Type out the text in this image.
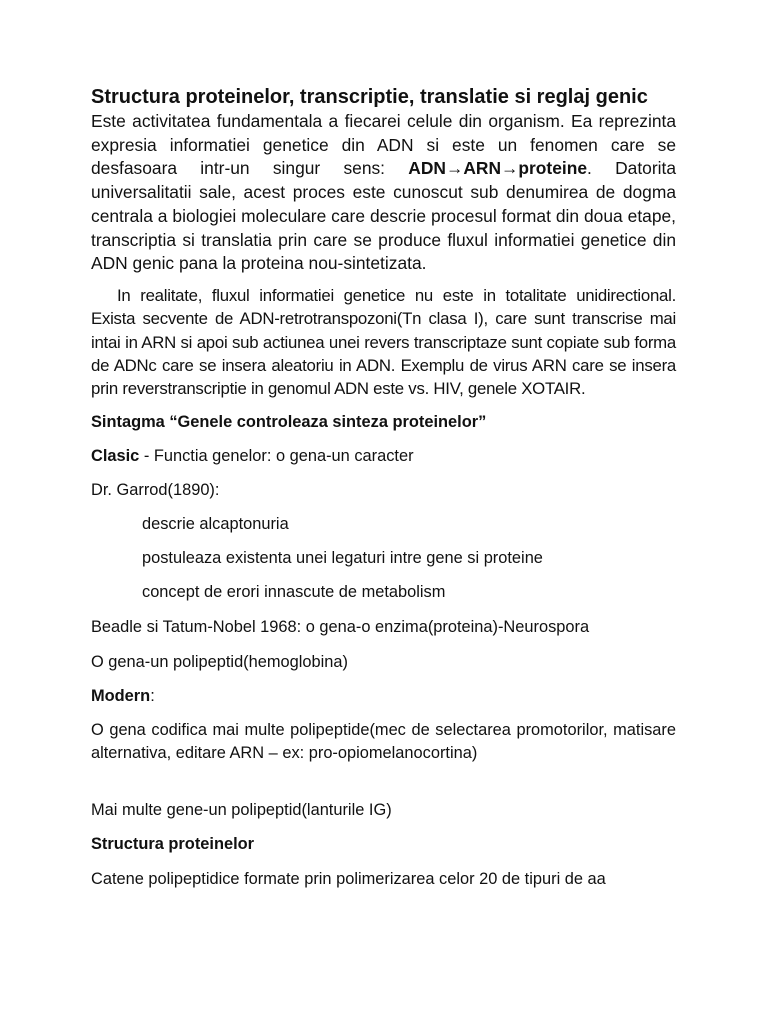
Structura proteinelor, transcriptie, translatie si reglaj genic

Este activitatea fundamentala a fiecarei celule din organism. Ea reprezinta expresia informatiei genetice din ADN si este un fenomen care se desfasoara intr-un singur sens: ADN→ARN→proteine. Datorita universalitatii sale, acest proces este cunoscut sub denumirea de dogma centrala a biologiei moleculare care descrie procesul format din doua etape, transcriptia si translatia prin care se produce fluxul informatiei genetice din ADN genic pana la proteina nou-sintetizata.

In realitate, fluxul informatiei genetice nu este in totalitate unidirectional. Exista secvente de ADN-retrotranspozoni(Tn clasa I), care sunt transcrise mai intai in ARN si apoi sub actiunea unei revers transcriptaze sunt copiate sub forma de ADNc care se insera aleatoriu in ADN. Exemplu de virus ARN care se insera prin reverstranscriptie in genomul ADN este vs. HIV, genele XOTAIR.

Sintagma “Genele controleaza sinteza proteinelor”

Clasic - Functia genelor: o gena-un caracter

Dr. Garrod(1890):

descrie alcaptonuria

postuleaza existenta unei legaturi intre gene si proteine

concept de erori innascute de metabolism

Beadle si Tatum-Nobel 1968: o gena-o enzima(proteina)-Neurospora

O gena-un polipeptid(hemoglobina)

Modern:

O gena codifica mai multe polipeptide(mec de selectarea promotorilor, matisare alternativa, editare ARN – ex: pro-opiomelanocortina)

Mai multe gene-un polipeptid(lanturile IG)

Structura proteinelor

Catene polipeptidice formate prin polimerizarea celor 20 de tipuri de aa
